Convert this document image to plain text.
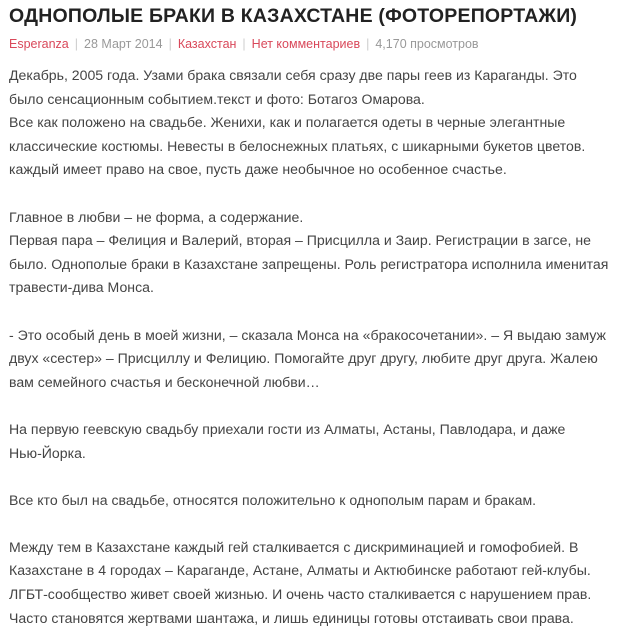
ОДНОПОЛЫЕ БРАКИ В КАЗАХСТАНЕ (ФОТОРЕПОРТАЖИ)
Esperanza | 28 Март 2014 | Казахстан | Нет комментариев | 4,170 просмотров

Декабрь, 2005 года. Узами брака связали себя сразу две пары геев из Караганды. Это
было сенсационным событием.текст и фото: Ботагоз Омарова.
Все как положено на свадьбе. Женихи, как и полагается одеты в черные элегантные
классические костюмы. Невесты в белоснежных платьях, с шикарными букетов цветов.
каждый имеет право на свое, пусть даже необычное но особенное счастье.

Главное в любви – не форма, а содержание.
Первая пара – Фелиция и Валерий, вторая – Присцилла и Заир. Регистрации в загсе, не
было. Однополые браки в Казахстане запрещены. Роль регистратора исполнила именитая
травести-дива Монса.

- Это особый день в моей жизни, – сказала Монса на «бракосочетании». – Я выдаю замуж
двух «сестер» – Присциллу и Фелицию. Помогайте друг другу, любите друг друга. Жалею
вам семейного счастья и бесконечной любви…

На первую геевскую свадьбу приехали гости из Алматы, Астаны, Павлодара, и даже
Нью-Йорка.

Все кто был на свадьбе, относятся положительно к однополым парам и бракам.

Между тем в Казахстане каждый гей сталкивается с дискриминацией и гомофобией. В
Казахстане в 4 городах – Караганде, Астане, Алматы и Актюбинске работают гей-клубы.
ЛГБТ-сообщество живет своей жизнью. И очень часто сталкивается с нарушением прав.
Часто становятся жертвами шантажа, и лишь единицы готовы отстаивать свои права.
